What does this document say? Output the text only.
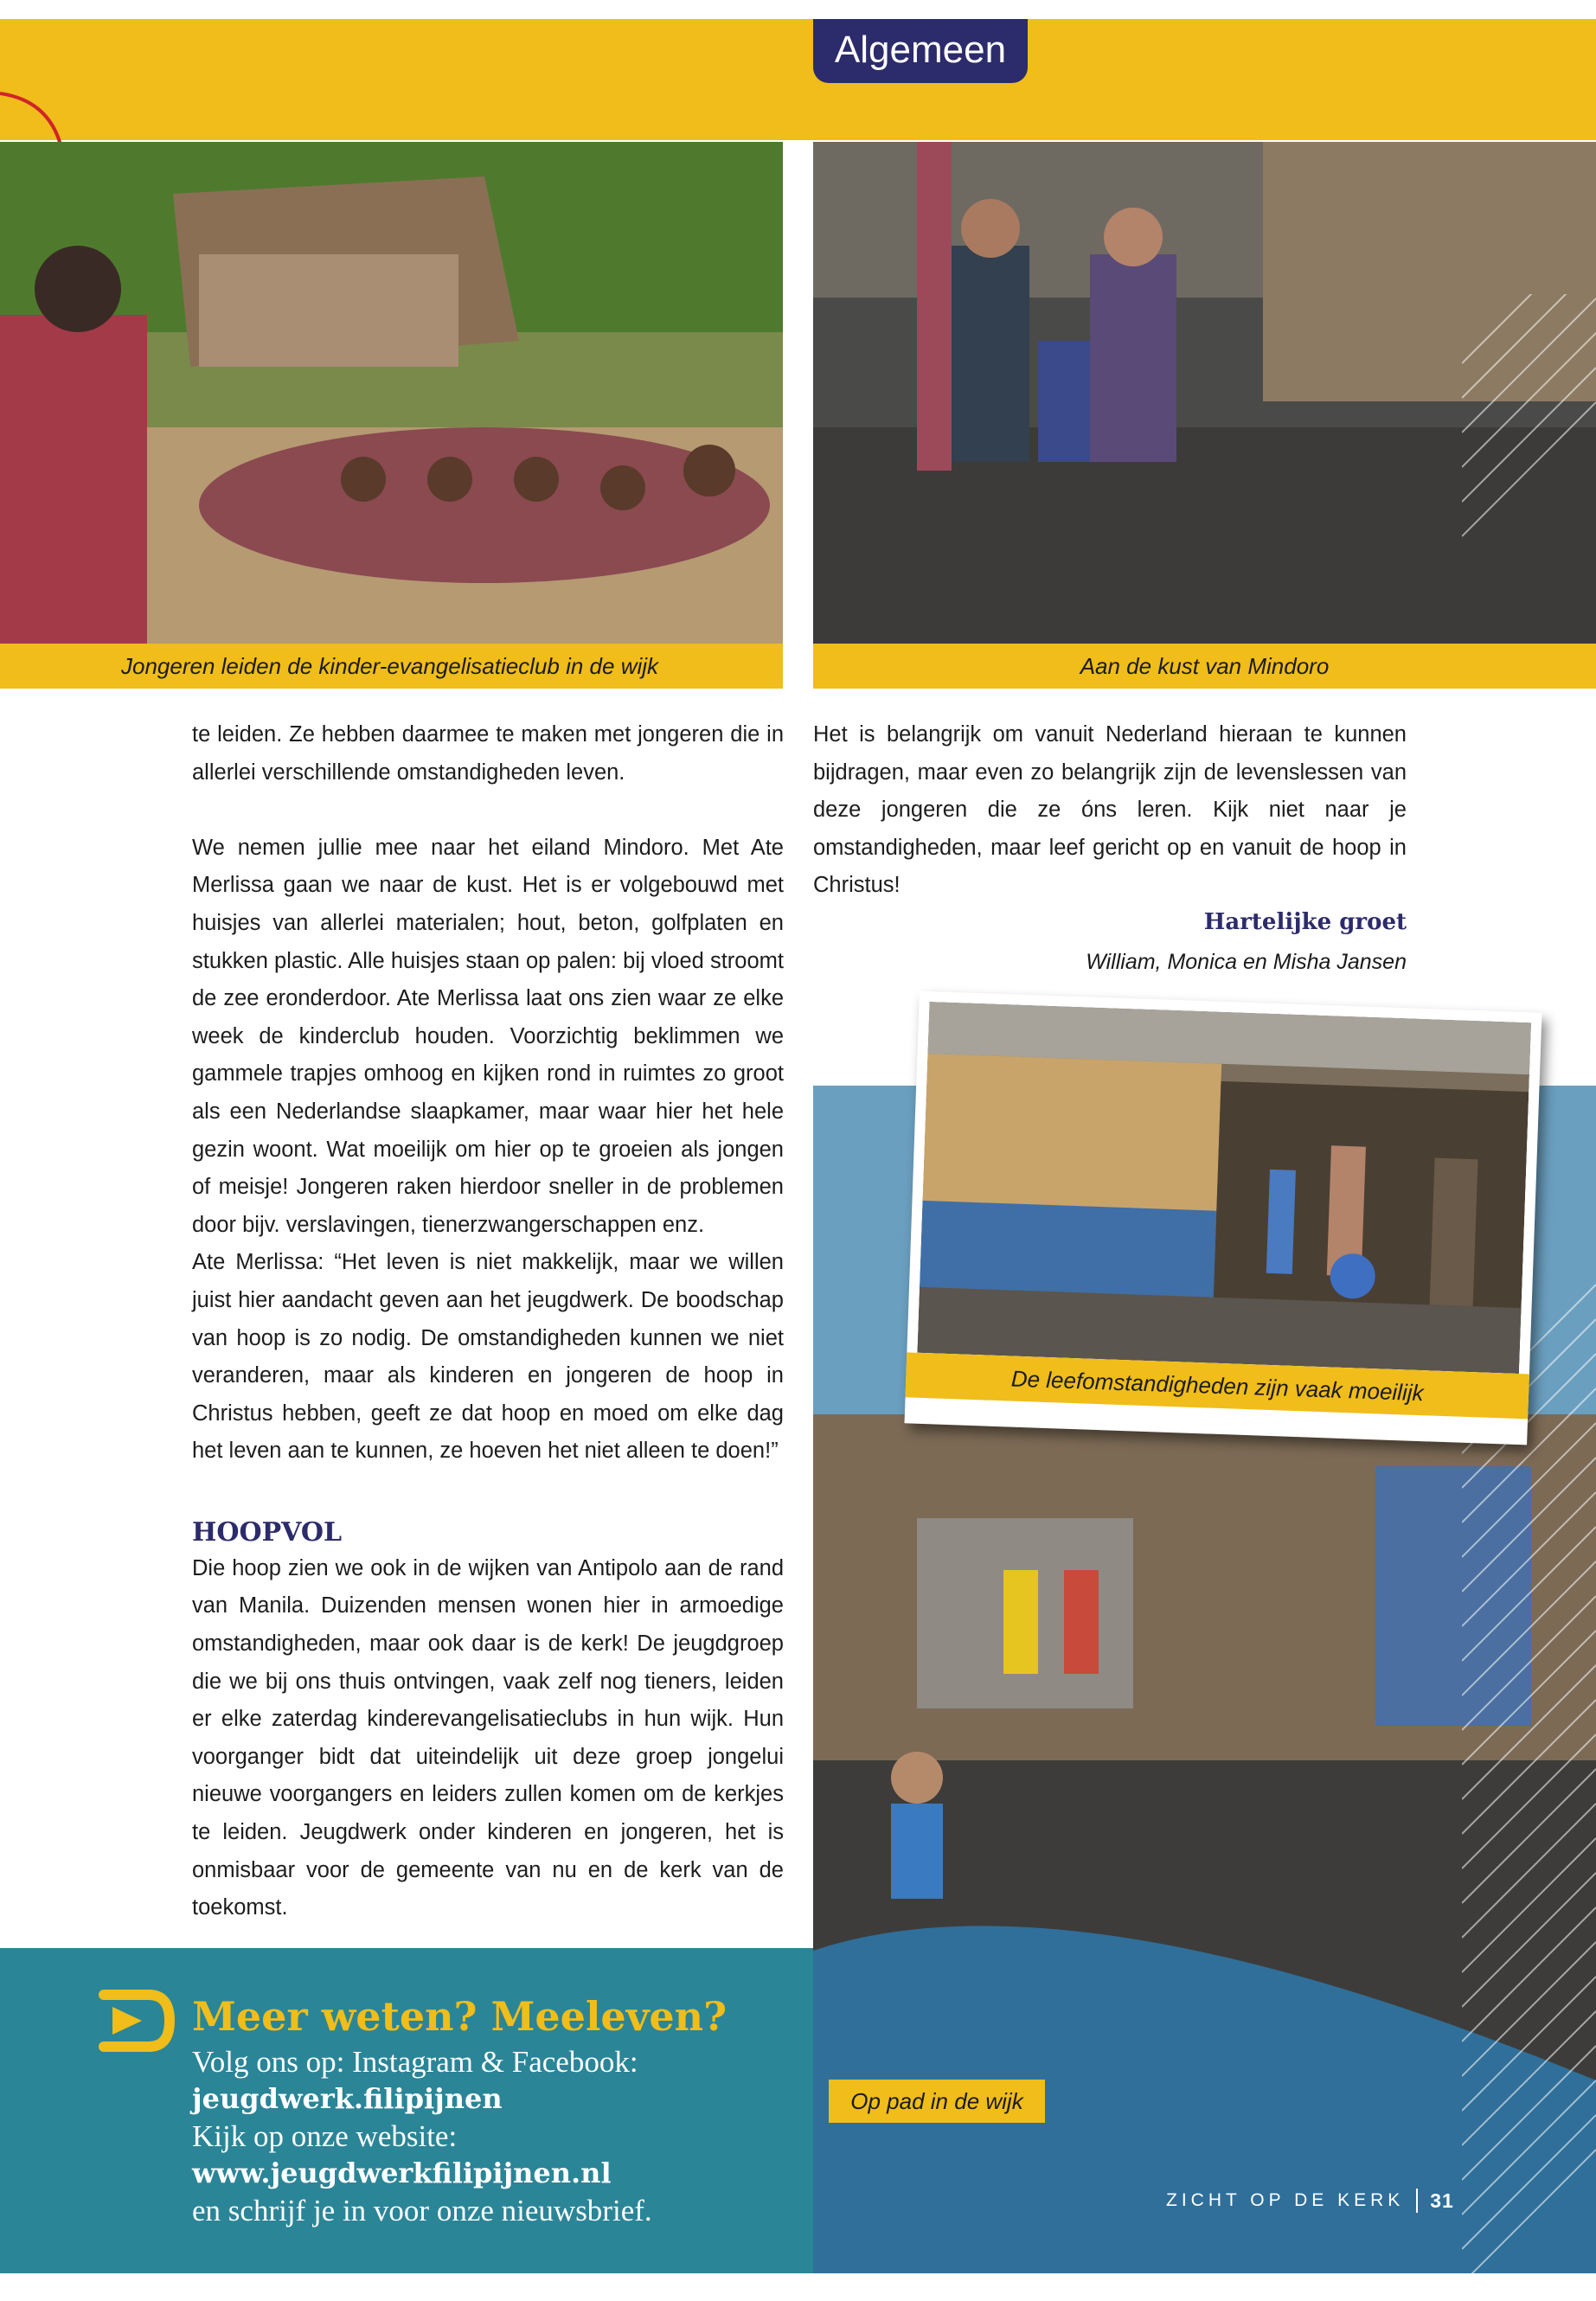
Algemeen
Jongeren leiden de kinder-evangelisatieclub in de wijk	Aan de kust van Mindoro

te leiden. Ze hebben daarmee te maken met jongeren die in allerlei verschillende omstandigheden leven.

We nemen jullie mee naar het eiland Mindoro. Met Ate Merlissa gaan we naar de kust. Het is er volgebouwd met huisjes van allerlei materialen; hout, beton, golfplaten en stukken plastic. Alle huisjes staan op palen: bij vloed stroomt de zee eronderdoor. Ate Merlissa laat ons zien waar ze elke week de kinderclub houden. Voorzichtig beklimmen we gammele trapjes omhoog en kijken rond in ruimtes zo groot als een Nederlandse slaapkamer, maar waar hier het hele gezin woont. Wat moeilijk om hier op te groeien als jongen of meisje! Jongeren raken hierdoor sneller in de problemen door bijv. verslavingen, tienerzwangerschappen enz.

Ate Merlissa: “Het leven is niet makkelijk, maar we willen juist hier aandacht geven aan het jeugdwerk. De boodschap van hoop is zo nodig. De omstandigheden kunnen we niet veranderen, maar als kinderen en jongeren de hoop in Christus hebben, geeft ze dat hoop en moed om elke dag het leven aan te kunnen, ze hoeven het niet alleen te doen!”

HOOPVOL

Die hoop zien we ook in de wijken van Antipolo aan de rand van Manila. Duizenden mensen wonen hier in armoedige omstandigheden, maar ook daar is de kerk! De jeugdgroep die we bij ons thuis ontvingen, vaak zelf nog tieners, leiden er elke zaterdag kinderevangelisatieclubs in hun wijk. Hun voorganger bidt dat uiteindelijk uit deze groep jongelui nieuwe voorgangers en leiders zullen komen om de kerkjes te leiden. Jeugdwerk onder kinderen en jongeren, het is onmisbaar voor de gemeente van nu en de kerk van de toekomst.

Het is belangrijk om vanuit Nederland hieraan te kunnen bijdragen, maar even zo belangrijk zijn de levenslessen van deze jongeren die ze óns leren. Kijk niet naar je omstandigheden, maar leef gericht op en vanuit de hoop in Christus!

Hartelijke groet
William, Monica en Misha Jansen
De leefomstandigheden zijn vaak moeilijk
Op pad in de wijk
Meer weten? Meeleven?
Volg ons op: Instagram & Facebook:
jeugdwerk.filipijnen
Kijk op onze website:
www.jeugdwerkfilipijnen.nl
en schrijf je in voor onze nieuwsbrief.	ZICHT OP DE KERK 31
